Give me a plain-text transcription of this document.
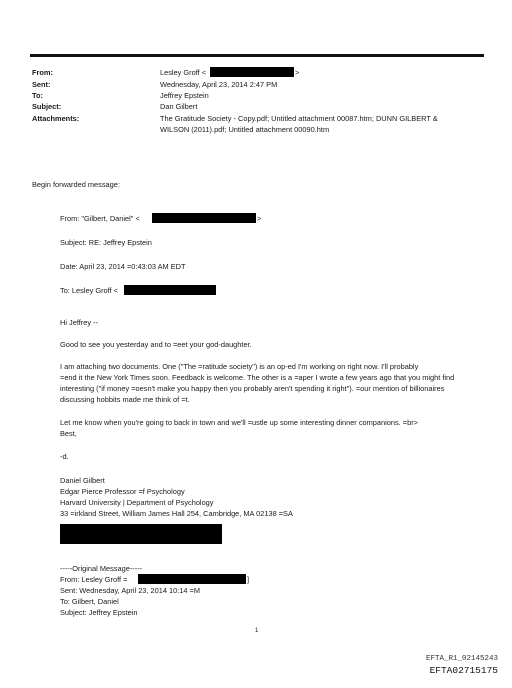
From:	Lesley Groff <	>
Sent:	Wednesday, April 23, 2014 2:47 PM
To:	Jeffrey Epstein
Subject:	Dan Gilbert
Attachments:	The Gratitude Society - Copy.pdf; Untitled attachment 00087.htm; DUNN GILBERT &
WILSON (2011).pdf; Untitled attachment 00090.htm
Begin forwarded message:
From: "Gilbert, Daniel" <	>
Subject: RE: Jeffrey Epstein
Date: April 23, 2014 =0:43:03 AM EDT
To: Lesley Groff <
Hi Jeffrey --
Good to see you yesterday and to =eet your god-daughter.
I am attaching two documents. One ("The =ratitude society") is an op-ed I'm working on right now. I'll probably
=end it the New York Times soon. Feedback is welcome. The other is a =aper I wrote a few years ago that you might find
interesting ("if money =oesn't make you happy then you probably aren't spending it right"). =our mention of billionaires
discussing hobbits made me think of =t.
Let me know when you're going to back in town and we'll =ustle up some interesting dinner companions. =br>
Best,
-d.
Daniel Gilbert
Edgar Pierce Professor =f Psychology
Harvard University | Department of Psychology
33 =irkland Street, William James Hall 254, Cambridge, MA 02138 =SA
-----Original Message-----
From: Lesley Groff =	]
Sent: Wednesday, April 23, 2014 10:14 =M
To: Gilbert, Daniel
Subject: Jeffrey Epstein
1
EFTA_R1_02145243
EFTA02715175
